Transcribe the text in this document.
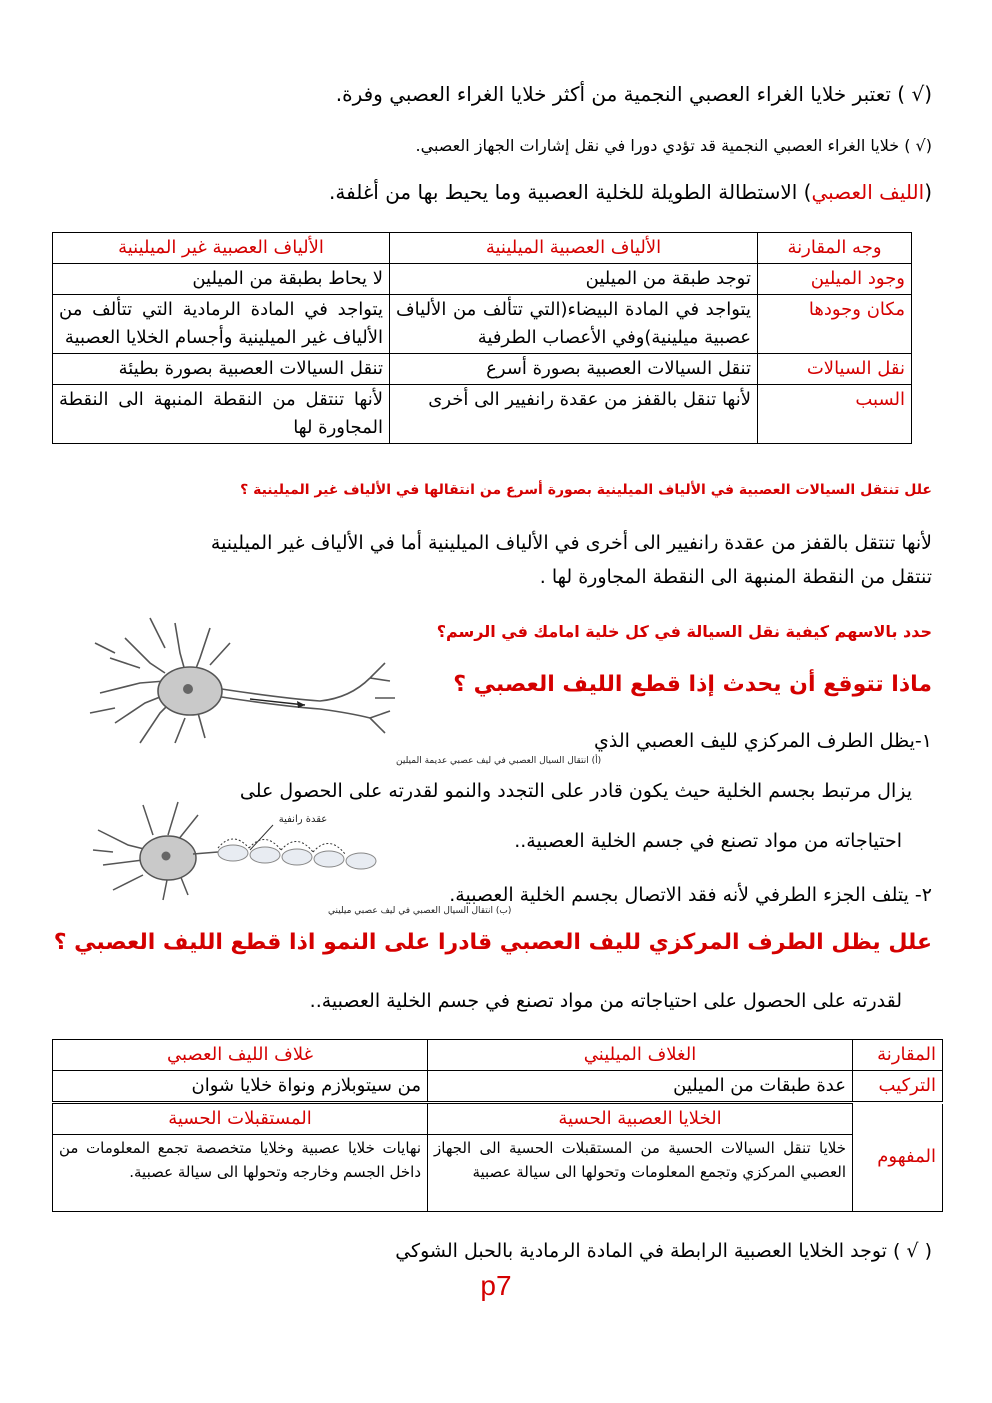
(√ ) تعتبر خلايا الغراء العصبي النجمية من أكثر خلايا الغراء العصبي وفرة.
(√ ) خلايا الغراء العصبي النجمية قد تؤدي دورا في نقل إشارات الجهاز العصبي.
(الليف العصبي) الاستطالة الطويلة للخلية العصبية وما يحيط بها من أغلفة.
وجه المقارنة	الألياف العصبية الميلينية	الألياف العصبية غير الميلينية
وجود الميلين	توجد طبقة من الميلين	لا يحاط بطبقة من الميلين
مكان وجودها	يتواجد في المادة البيضاء(التي تتألف من الألياف عصبية ميلينية)وفي الأعصاب الطرفية	يتواجد في المادة الرمادية التي تتألف من الألياف غير الميلينية وأجسام الخلايا العصبية
نقل السيالات	تنقل السيالات العصبية بصورة أسرع	تنقل السيالات العصبية بصورة بطيئة
السبب	لأنها تنقل بالقفز من عقدة رانفيير الى أخرى	لأنها تنتقل من النقطة المنبهة الى النقطة المجاورة لها
علل تنتقل السيالات العصبية في الألياف الميلينية بصورة أسرع من انتقالها في الألياف غير الميلينية ؟
لأنها تنتقل بالقفز من عقدة رانفيير الى أخرى في الألياف الميلينية أما في الألياف غير الميلينية
تنتقل من النقطة المنبهة الى النقطة المجاورة لها .
حدد بالاسهم كيفية نقل السيالة في كل خلية امامك في الرسم؟
ماذا تتوقع أن يحدث إذا قطع الليف العصبي ؟
١-يظل الطرف المركزي لليف العصبي الذي
يزال مرتبط بجسم الخلية حيث يكون قادر على التجدد والنمو لقدرته على الحصول على
احتياجاته من مواد تصنع في جسم الخلية العصبية..
٢- يتلف الجزء الطرفي لأنه فقد الاتصال بجسم الخلية العصبية.
(أ) انتقال السيال العصبي في ليف عصبي عديمة الميلين
عقدة رانفية
(ب) انتقال السيال العصبي في ليف عصبي ميليني
علل يظل الطرف المركزي لليف العصبي قادرا على النمو اذا قطع الليف العصبي ؟
لقدرته على الحصول على احتياجاته من مواد تصنع في جسم الخلية العصبية..
المقارنة	الغلاف الميليني	غلاف الليف العصبي
التركيب	عدة طبقات من الميلين	من سيتوبلازم ونواة خلايا شوان
المفهوم	الخلايا العصبية الحسية	المستقبلات الحسية
	خلايا تنقل السيالات الحسية من المستقبلات الحسية الى الجهاز العصبي المركزي وتجمع المعلومات وتحولها الى سيالة عصبية	نهايات خلايا عصبية وخلايا متخصصة تجمع المعلومات من داخل الجسم وخارجه وتحولها الى سيالة عصبية.
( √ ) توجد الخلايا العصبية الرابطة في المادة الرمادية بالحبل الشوكي
p7
